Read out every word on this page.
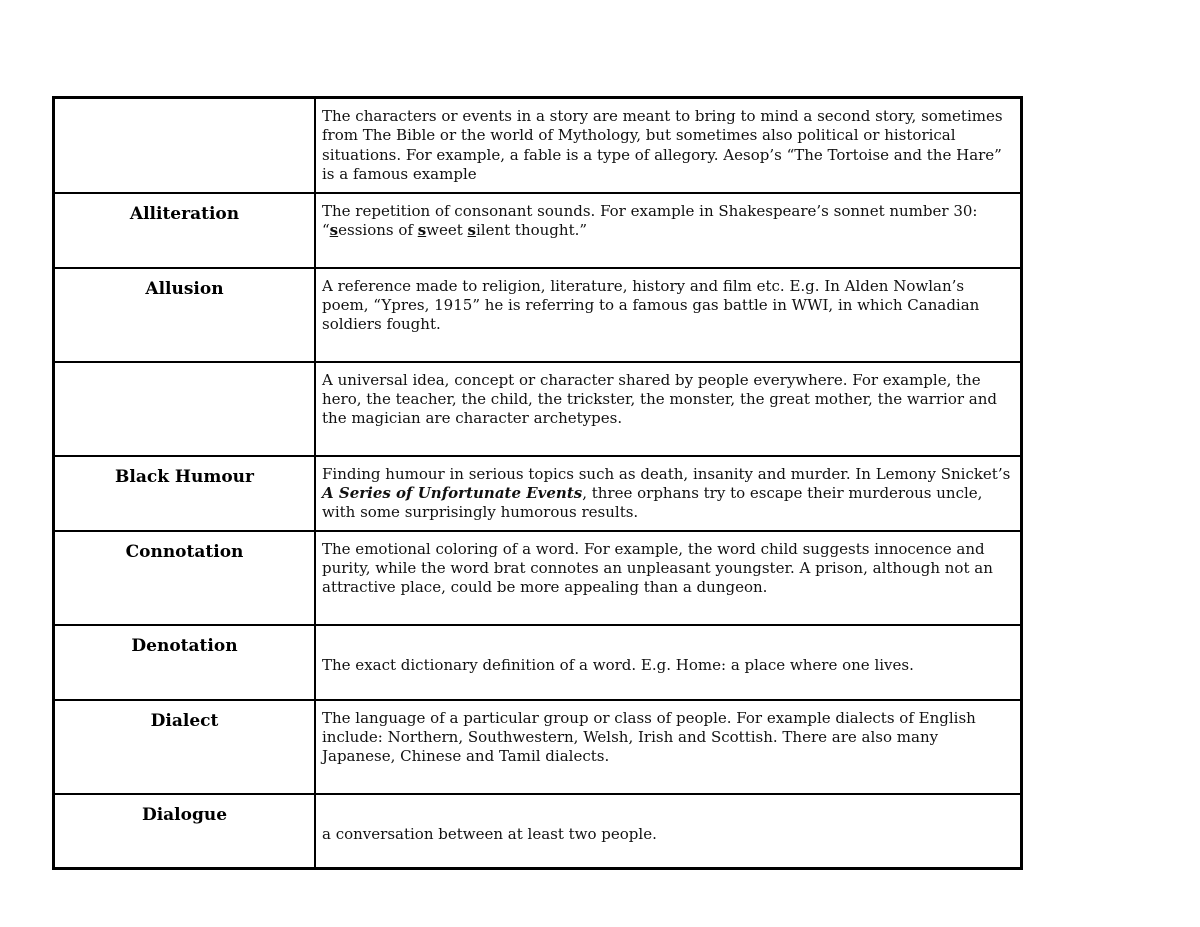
	The characters or events in a story are meant to bring to mind a second story, sometimes from The Bible or the world of Mythology, but sometimes also political or historical situations. For example, a fable is a type of allegory. Aesop’s “The Tortoise and the Hare” is a famous example
Alliteration	The repetition of consonant sounds. For example in Shakespeare’s sonnet number 30: “sessions of sweet silent thought.”
Allusion	A reference made to religion, literature, history and film etc. E.g. In Alden Nowlan’s poem, “Ypres, 1915” he is referring to a famous gas battle in WWI, in which Canadian soldiers fought.
	A universal idea, concept or character shared by people everywhere. For example, the hero, the teacher, the child, the trickster, the monster, the great mother, the warrior and the magician are character archetypes.
Black Humour	Finding humour in serious topics such as death, insanity and murder. In Lemony Snicket’s A Series of Unfortunate Events, three orphans try to escape their murderous uncle, with some surprisingly humorous results.
Connotation	The emotional coloring of a word. For example, the word child suggests innocence and purity, while the word brat connotes an unpleasant youngster. A prison, although not an attractive place, could be more appealing than a dungeon.
Denotation	The exact dictionary definition of a word. E.g. Home: a place where one lives.
Dialect	The language of a particular group or class of people. For example dialects of English include: Northern, Southwestern, Welsh, Irish and Scottish. There are also many Japanese, Chinese and Tamil dialects.
Dialogue	a conversation between at least two people.
